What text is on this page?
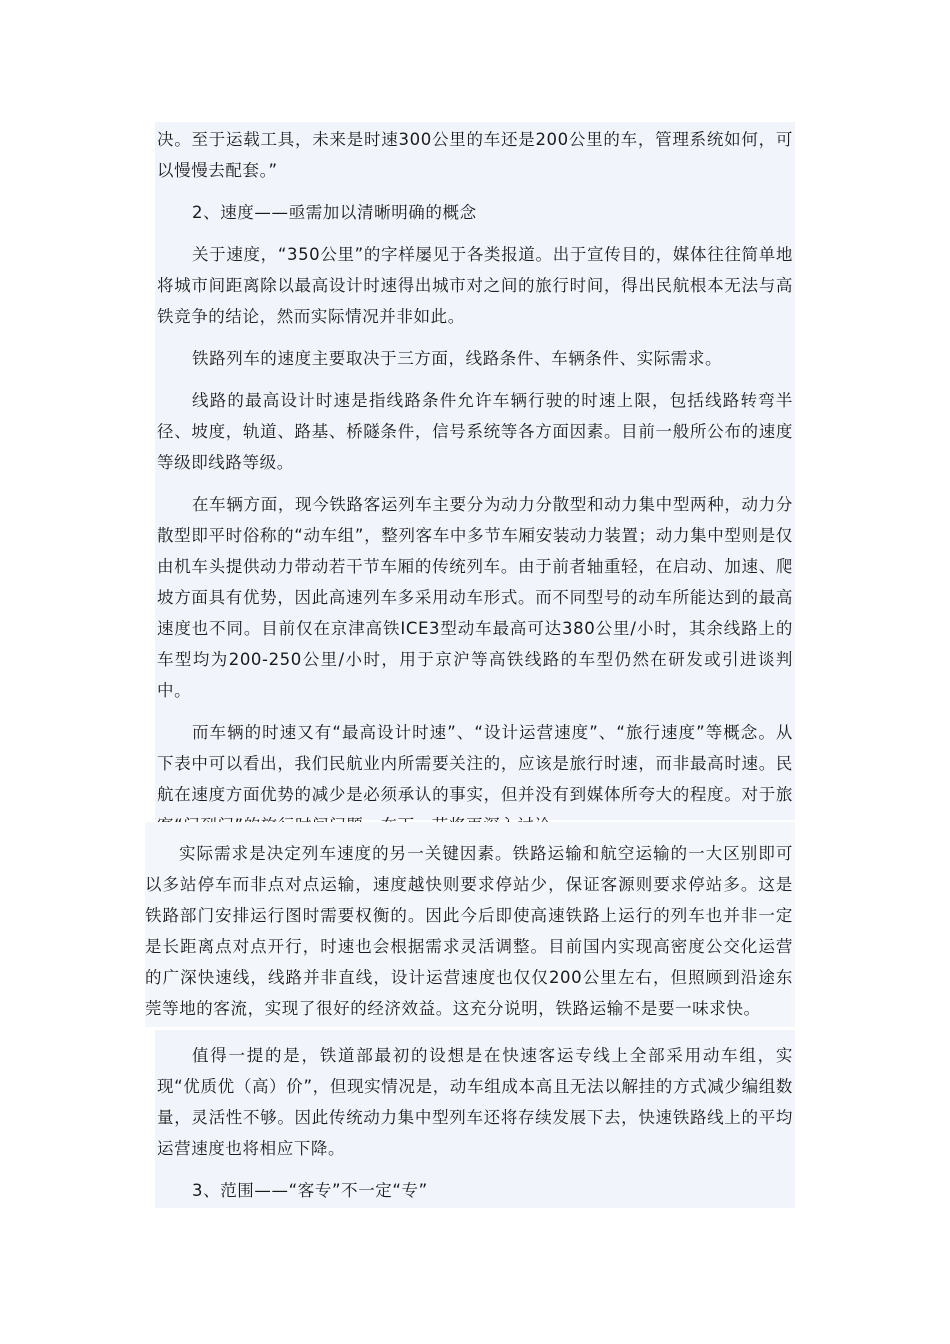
决。至于运载工具，未来是时速300公里的车还是200公里的车，管理系统如何，可以慢慢去配套。”

2、速度——亟需加以清晰明确的概念

关于速度，“350公里”的字样屡见于各类报道。出于宣传目的，媒体往往简单地将城市间距离除以最高设计时速得出城市对之间的旅行时间，得出民航根本无法与高铁竞争的结论，然而实际情况并非如此。

铁路列车的速度主要取决于三方面，线路条件、车辆条件、实际需求。

线路的最高设计时速是指线路条件允许车辆行驶的时速上限，包括线路转弯半径、坡度，轨道、路基、桥隧条件，信号系统等各方面因素。目前一般所公布的速度等级即线路等级。

在车辆方面，现今铁路客运列车主要分为动力分散型和动力集中型两种，动力分散型即平时俗称的“动车组”，整列客车中多节车厢安装动力装置；动力集中型则是仅由机车头提供动力带动若干节车厢的传统列车。由于前者轴重轻，在启动、加速、爬坡方面具有优势，因此高速列车多采用动车形式。而不同型号的动车所能达到的最高速度也不同。目前仅在京津高铁ICE3型动车最高可达380公里/小时，其余线路上的车型均为200-250公里/小时，用于京沪等高铁线路的车型仍然在研发或引进谈判中。

而车辆的时速又有“最高设计时速”、“设计运营速度”、“旅行速度”等概念。从下表中可以看出，我们民航业内所需要关注的，应该是旅行时速，而非最高时速。民航在速度方面优势的减少是必须承认的事实，但并没有到媒体所夸大的程度。对于旅

实际需求是决定列车速度的另一关键因素。铁路运输和航空运输的一大区别即可以多站停车而非点对点运输，速度越快则要求停站少，保证客源则要求停站多。这是铁路部门安排运行图时需要权衡的。因此今后即使高速铁路上运行的列车也并非一定是长距离点对点开行，时速也会根据需求灵活调整。目前国内实现高密度公交化运营的广深快速线，线路并非直线，设计运营速度也仅仅200公里左右，但照顾到沿途东莞等地的客流，实现了很好的经济效益。这充分说明，铁路运输不是要一味求快。

值得一提的是，铁道部最初的设想是在快速客运专线上全部采用动车组，实现“优质优（高）价”，但现实情况是，动车组成本高且无法以解挂的方式减少编组数量，灵活性不够。因此传统动力集中型列车还将存续发展下去，快速铁路线上的平均运营速度也将相应下降。

3、范围——“客专”不一定“专”
